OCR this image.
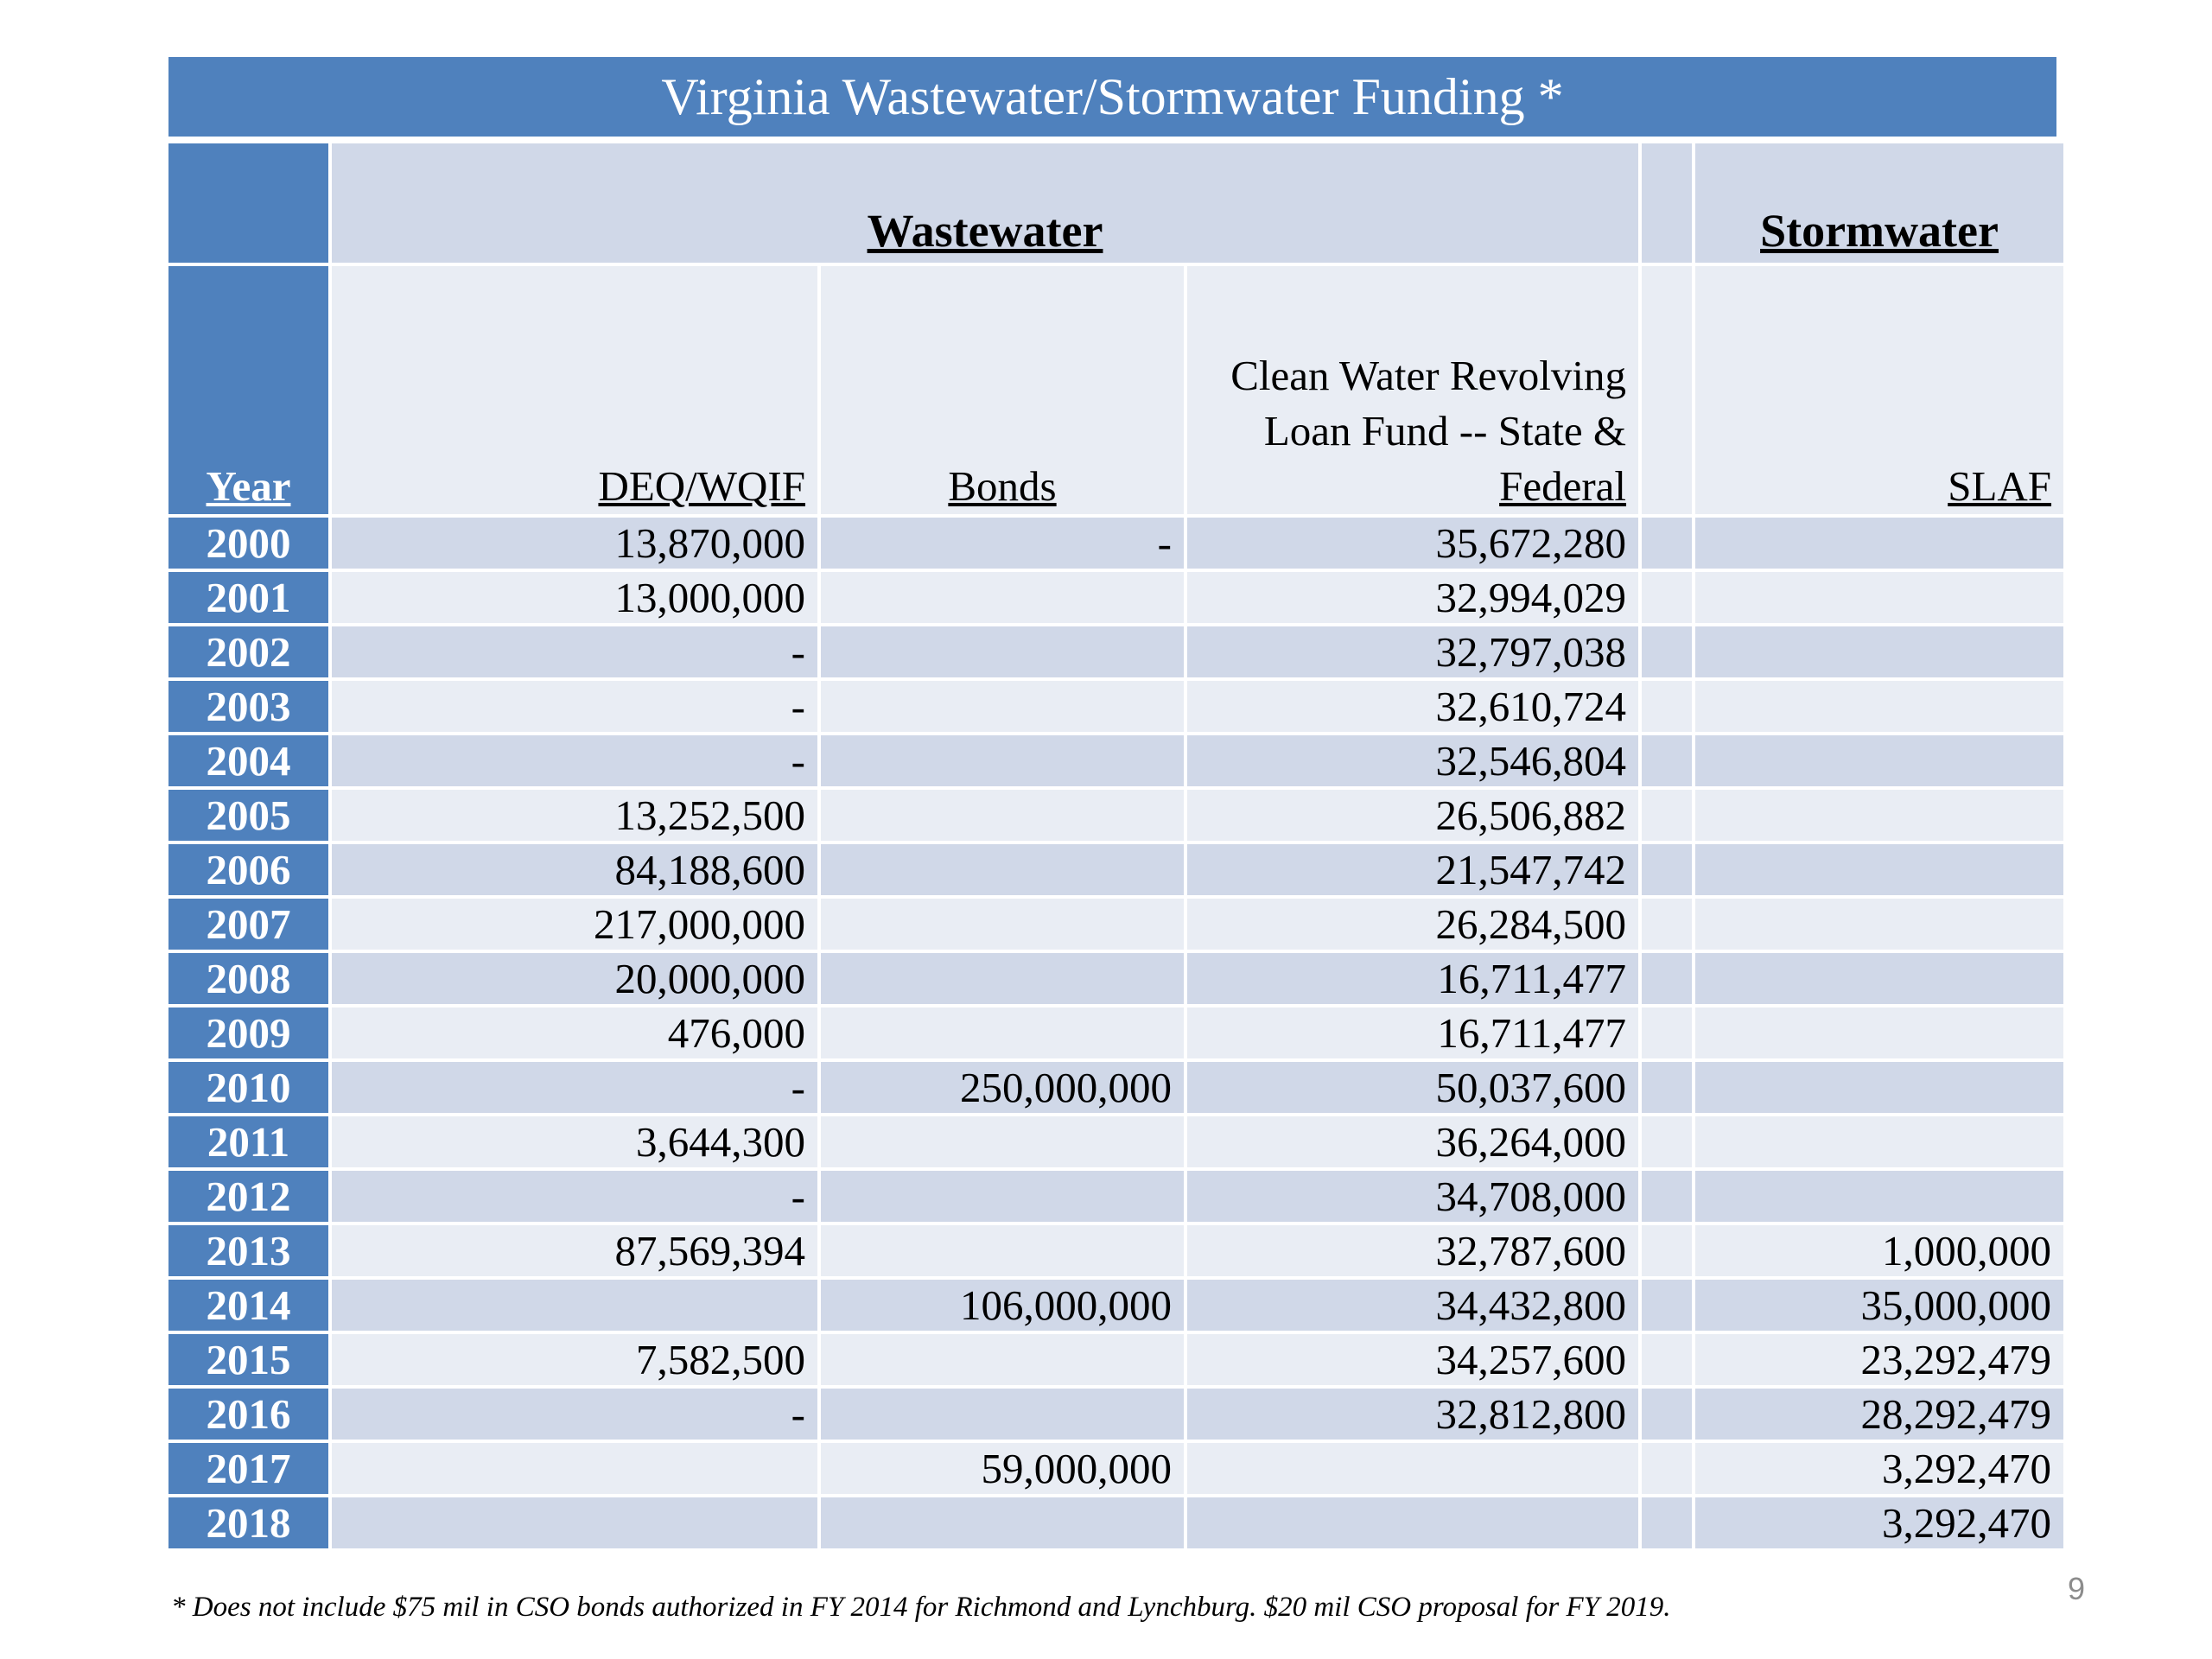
Virginia Wastewater/Stormwater Funding *
	Wastewater				Stormwater
Year	DEQ/WQIF	Bonds	Clean Water Revolving
Loan Fund -- State &
Federal		SLAF
2000	13,870,000	-	35,672,280		
2001	13,000,000		32,994,029		
2002	-		32,797,038		
2003	-		32,610,724		
2004	-		32,546,804		
2005	13,252,500		26,506,882		
2006	84,188,600		21,547,742		
2007	217,000,000		26,284,500		
2008	20,000,000		16,711,477		
2009	476,000		16,711,477		
2010	-	250,000,000	50,037,600		
2011	3,644,300		36,264,000		
2012	-		34,708,000		
2013	87,569,394		32,787,600		1,000,000
2014		106,000,000	34,432,800		35,000,000
2015	7,582,500		34,257,600		23,292,479
2016	-		32,812,800		28,292,479
2017		59,000,000			3,292,470
2018					3,292,470
* Does not include $75 mil in CSO bonds authorized in FY 2014 for Richmond and Lynchburg. $20 mil CSO proposal for FY 2019.
9
